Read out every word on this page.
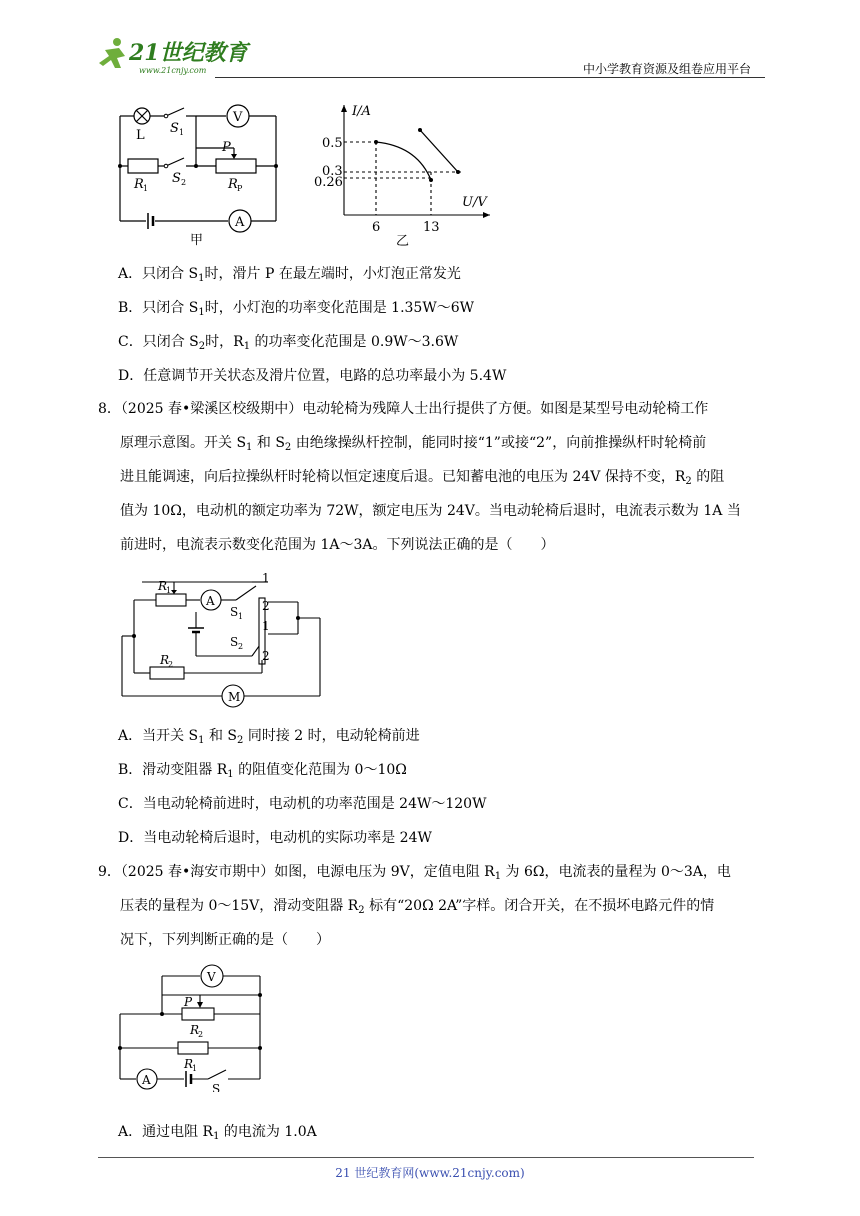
21世纪教育
www.21cnjy.com	中小学教育资源及组卷应用平台
L S 1
V
P
R 1
S 2	R P
A
甲
I/A
U/V
0.5
0.3
0.26
6	13
乙
A．只闭合 $S_1$时，滑片 P 在最左端时，小灯泡正常发光
B．只闭合 $S_1$时，小灯泡的功率变化范围是 1.35W～6W
C．只闭合 $S_2$时，$R_1$ 的功率变化范围是 0.9W～3.6W
D．任意调节开关状态及滑片位置，电路的总功率最小为 5.4W
8．（2025 春•梁溪区校级期中）电动轮椅为残障人士出行提供了方便。如图是某型号电动轮椅工作
原理示意图。开关 $S_1$ 和 $S_2$ 由绝缘操纵杆控制，能同时接“1”或接“2”，向前推操纵杆时轮椅前
进且能调速，向后拉操纵杆时轮椅以恒定速度后退。已知蓄电池的电压为 24V 保持不变，$R_2$ 的阻
值为 10Ω，电动机的额定功率为 72W，额定电压为 24V。当电动轮椅后退时，电流表示数为 1A 当
前进时，电流表示数变化范围为 1A～3A。下列说法正确的是（　　）
R
1
A
S 1
S 2
R
2
M
1
2
1
2
A．当开关 $S_1$ 和 $S_2$ 同时接 2 时，电动轮椅前进
B．滑动变阻器 $R_1$ 的阻值变化范围为 0～10Ω
C．当电动轮椅前进时，电动机的功率范围是 24W～120W
D．当电动轮椅后退时，电动机的实际功率是 24W
9．（2025 春•海安市期中）如图，电源电压为 9V，定值电阻 $R_1$ 为 6Ω，电流表的量程为 0～3A，电
压表的量程为 0～15V，滑动变阻器 $R_2$ 标有“20Ω 2A”字样。闭合开关，在不损坏电路元件的情
况下，下列判断正确的是（　　）
V
P
R
2
R
1
A
S
A．通过电阻 $R_1$ 的电流为 1.0A
21 世纪教育网(www.21cnjy.com)
